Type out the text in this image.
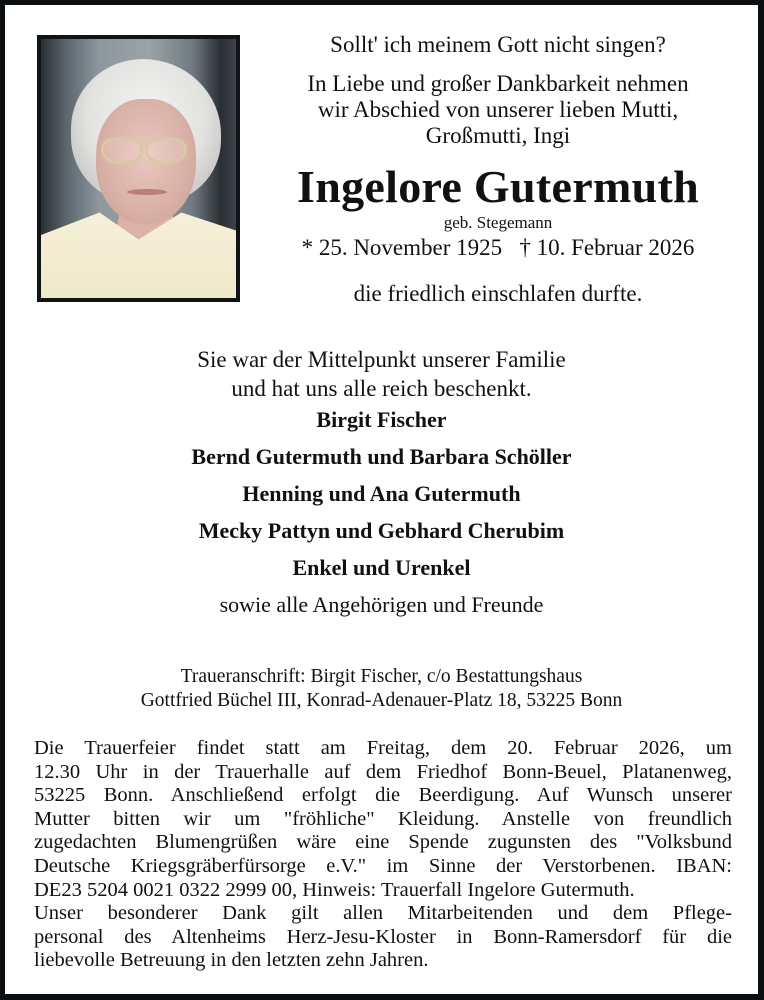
Sollt' ich meinem Gott nicht singen?
In Liebe und großer Dankbarkeit nehmen
wir Abschied von unserer lieben Mutti,
Großmutti, Ingi
Ingelore Gutermuth
geb. Stegemann
* 25. November 1925 † 10. Februar 2026
die friedlich einschlafen durfte.
Sie war der Mittelpunkt unserer Familie
und hat uns alle reich beschenkt.
Birgit Fischer
Bernd Gutermuth und Barbara Schöller
Henning und Ana Gutermuth
Mecky Pattyn und Gebhard Cherubim
Enkel und Urenkel
sowie alle Angehörigen und Freunde
Traueranschrift: Birgit Fischer, c/o Bestattungshaus
Gottfried Büchel III, Konrad-Adenauer-Platz 18, 53225 Bonn
Die Trauerfeier findet statt am Freitag, dem 20. Februar 2026, um
12.30 Uhr in der Trauerhalle auf dem Friedhof Bonn-Beuel, Platanenweg,
53225 Bonn. Anschließend erfolgt die Beerdigung. Auf Wunsch unserer
Mutter bitten wir um "fröhliche" Kleidung. Anstelle von freundlich
zugedachten Blumengrüßen wäre eine Spende zugunsten des "Volksbund
Deutsche Kriegsgräberfürsorge e.V." im Sinne der Verstorbenen. IBAN:
DE23 5204 0021 0322 2999 00, Hinweis: Trauerfall Ingelore Gutermuth.
Unser besonderer Dank gilt allen Mitarbeitenden und dem Pflege-
personal des Altenheims Herz-Jesu-Kloster in Bonn-Ramersdorf für die
liebevolle Betreuung in den letzten zehn Jahren.
